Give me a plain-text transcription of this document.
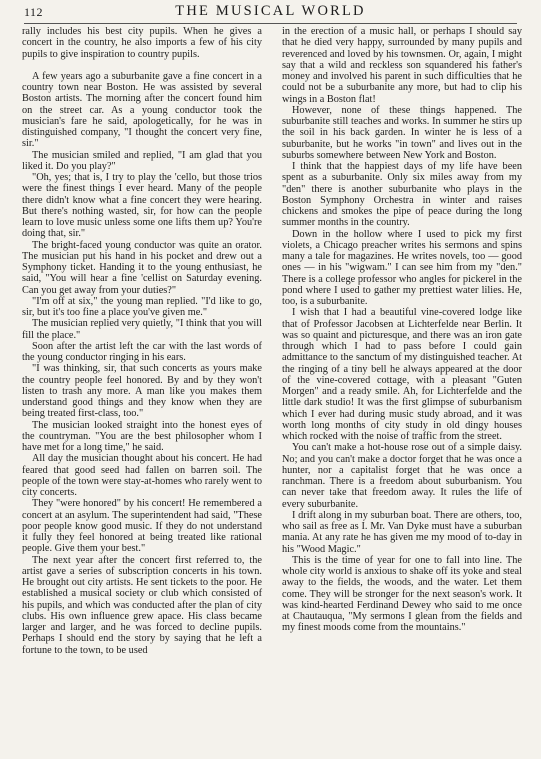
112	THE MUSICAL WORLD

rally includes his best city pupils. When he gives a concert in the country, he also imports a few of his city pupils to give inspiration to country pupils.

A few years ago a suburbanite gave a fine concert in a country town near Boston. He was assisted by several Boston artists. The morning after the concert found him on the street car. As a young conductor took the musician's fare he said, apologetically, for he was in distinguished company, "I thought the concert very fine, sir."

The musician smiled and replied, "I am glad that you liked it. Do you play?"

"Oh, yes; that is, I try to play the 'cello, but those trios were the finest things I ever heard. Many of the people there didn't know what a fine concert they were hearing. But there's nothing wasted, sir, for how can the people learn to love music unless some one lifts them up? You're doing that, sir."

The bright-faced young conductor was quite an orator. The musician put his hand in his pocket and drew out a Symphony ticket. Handing it to the young enthusiast, he said, "You will hear a fine 'cellist on Saturday evening. Can you get away from your duties?"

"I'm off at six," the young man replied. "I'd like to go, sir, but it's too fine a place you've given me."

The musician replied very quietly, "I think that you will fill the place."

Soon after the artist left the car with the last words of the young conductor ringing in his ears.

"I was thinking, sir, that such concerts as yours make the country people feel honored. By and by they won't listen to trash any more. A man like you makes them understand good things and they know when they are being treated first-class, too."

The musician looked straight into the honest eyes of the countryman. "You are the best philosopher whom I have met for a long time," he said.

All day the musician thought about his concert. He had feared that good seed had fallen on barren soil. The people of the town were stay-at-homes who rarely went to city concerts.

They "were honored" by his concert! He remembered a concert at an asylum. The superintendent had said, "These poor people know good music. If they do not understand it fully they feel honored at being treated like rational people. Give them your best."

The next year after the concert first referred to, the artist gave a series of subscription concerts in his town. He brought out city artists. He sent tickets to the poor. He established a musical society or club which consisted of his pupils, and which was conducted after the plan of city clubs. His own influence grew apace. His class became larger and larger, and he was forced to decline pupils. Perhaps I should end the story by saying that he left a fortune to the town, to be used

in the erection of a music hall, or perhaps I should say that he died very happy, surrounded by many pupils and reverenced and loved by his townsmen. Or, again, I might say that a wild and reckless son squandered his father's money and involved his parent in such difficulties that he could not be a suburbanite any more, but had to clip his wings in a Boston flat!

However, none of these things happened. The suburbanite still teaches and works. In summer he stirs up the soil in his back garden. In winter he is less of a suburbanite, but he works "in town" and lives out in the suburbs somewhere between New York and Boston.

I think that the happiest days of my life have been spent as a suburbanite. Only six miles away from my "den" there is another suburbanite who plays in the Boston Symphony Orchestra in winter and raises chickens and smokes the pipe of peace during the long summer months in the country.

Down in the hollow where I used to pick my first violets, a Chicago preacher writes his sermons and spins many a tale for magazines. He writes novels, too — good ones — in his "wigwam." I can see him from my "den." There is a college professor who angles for pickerel in the pond where I used to gather my prettiest water lilies. He, too, is a suburbanite.

I wish that I had a beautiful vine-covered lodge like that of Professor Jacobsen at Lichterfelde near Berlin. It was so quaint and picturesque, and there was an iron gate through which I had to pass before I could gain admittance to the sanctum of my distinguished teacher. At the ringing of a tiny bell he always appeared at the door of the vine-covered cottage, with a pleasant "Guten Morgen" and a ready smile. Ah, for Lichterfelde and the little dark studio! It was the first glimpse of suburbanism which I ever had during music study abroad, and it was worth long months of city study in old dingy houses which rocked with the noise of traffic from the street.

You can't make a hot-house rose out of a simple daisy. No; and you can't make a doctor forget that he was once a hunter, nor a capitalist forget that he was once a ranchman. There is a freedom about suburbanism. You can never take that freedom away. It rules the life of every suburbanite.

I drift along in my suburban boat. There are others, too, who sail as free as I. Mr. Van Dyke must have a suburban mania. At any rate he has given me my mood of to-day in his "Wood Magic."

This is the time of year for one to fall into line. The whole city world is anxious to shake off its yoke and steal away to the fields, the woods, and the water. Let them come. They will be stronger for the next season's work. It was kind-hearted Ferdinand Dewey who said to me once at Chautauqua, "My sermons I glean from the fields and my finest moods come from the mountains."
